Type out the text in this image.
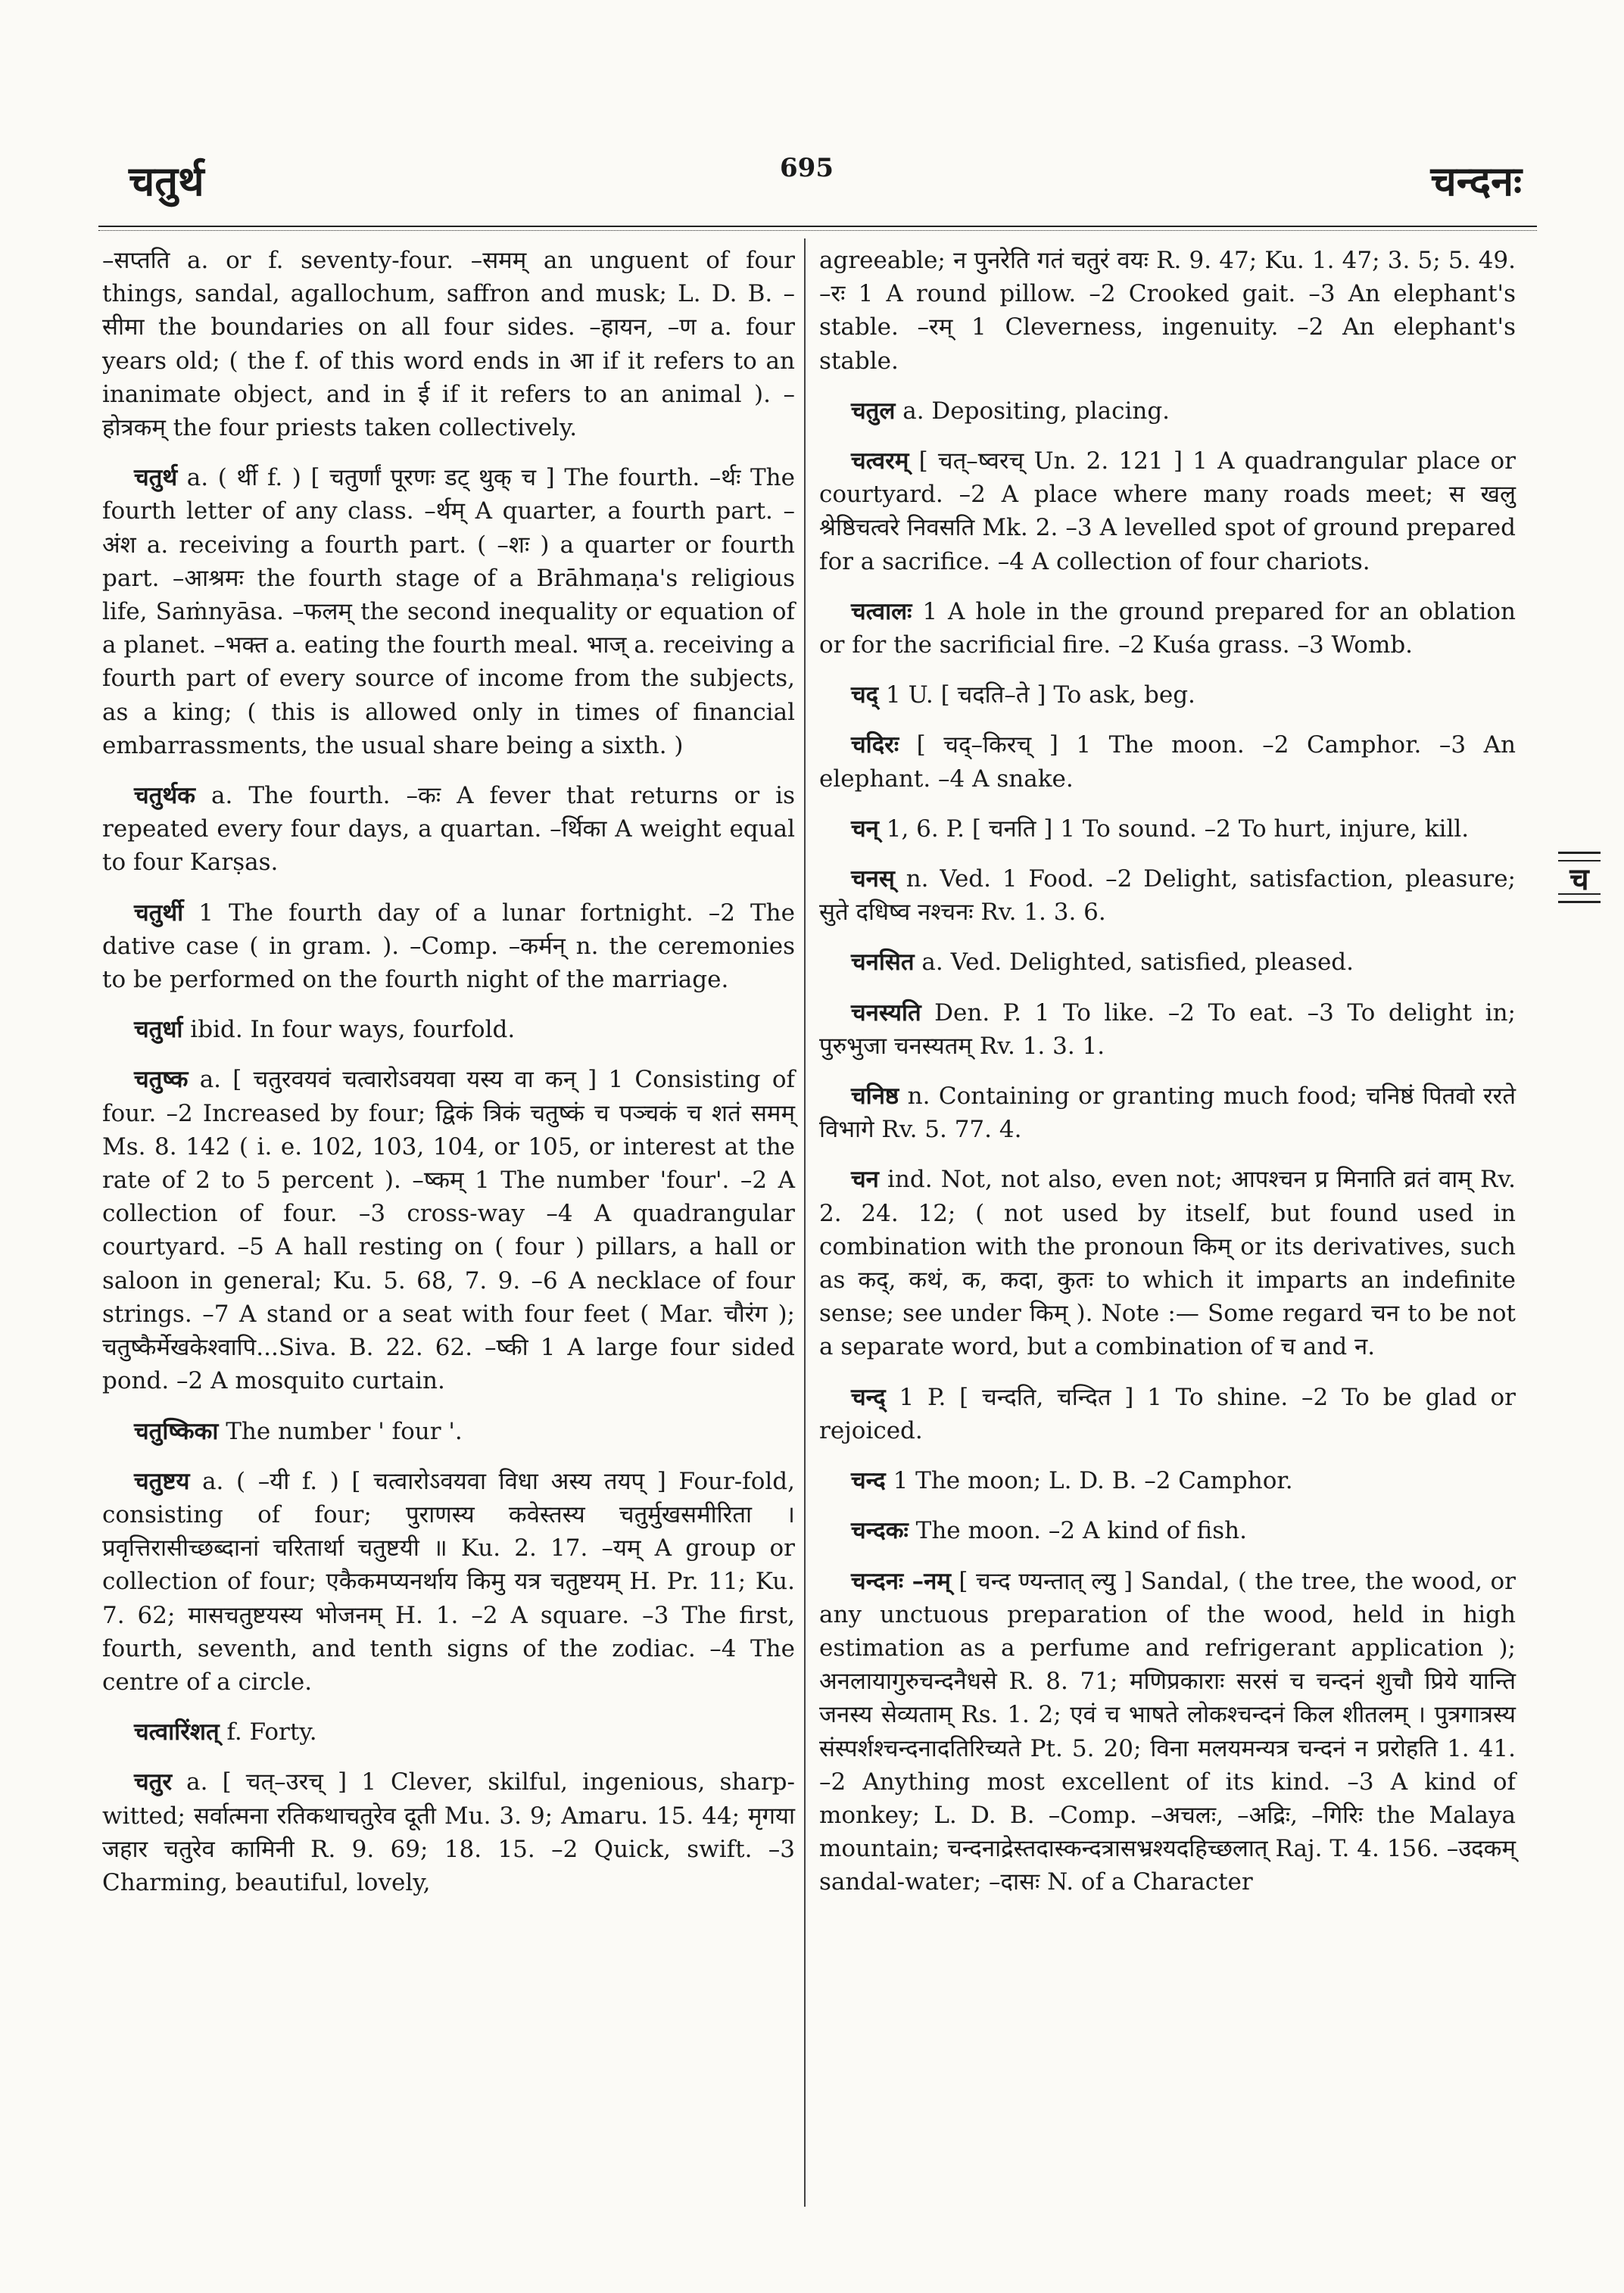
चतुर्थ	695	चन्दनः

–सप्तति a. or f. seventy-four. –समम् an unguent of four things, sandal, agallochum, saffron and musk; L. D. B. –सीमा the boundaries on all four sides. –हायन, –ण a. four years old; ( the f. of this word ends in आ if it refers to an inanimate object, and in ई if it refers to an animal ). –होत्रकम् the four priests taken collectively.

चतुर्थ a. ( र्थी f. ) [ चतुर्णां पूरणः डट् थुक् च ] The fourth. –र्थः The fourth letter of any class. –र्थम् A quarter, a fourth part. –अंश a. receiving a fourth part. ( –शः ) a quarter or fourth part. –आश्रमः the fourth stage of a Brāhmaṇa's religious life, Saṁnyāsa. –फलम् the second inequality or equation of a planet. –भक्त a. eating the fourth meal. भाज् a. receiving a fourth part of every source of income from the subjects, as a king; ( this is allowed only in times of financial embarrassments, the usual share being a sixth. )

चतुर्थक a. The fourth. –कः A fever that returns or is repeated every four days, a quartan. –र्थिका A weight equal to four Karṣas.

चतुर्थी 1 The fourth day of a lunar fortnight. –2 The dative case ( in gram. ). –Comp. –कर्मन् n. the ceremonies to be performed on the fourth night of the marriage.

चतुर्धा ibid. In four ways, fourfold.

चतुष्क a. [ चतुरवयवं चत्वारोऽवयवा यस्य वा कन् ] 1 Consisting of four. –2 Increased by four; द्विकं त्रिकं चतुष्कं च पञ्चकं च शतं समम् Ms. 8. 142 ( i. e. 102, 103, 104, or 105, or interest at the rate of 2 to 5 percent ). –ष्कम् 1 The number 'four'. –2 A collection of four. –3 cross-way –4 A quadrangular courtyard. –5 A hall resting on ( four ) pillars, a hall or saloon in general; Ku. 5. 68, 7. 9. –6 A necklace of four strings. –7 A stand or a seat with four feet ( Mar. चौरंग ); चतुष्कैर्मेखकेश्वापि...Siva. B. 22. 62. –ष्की 1 A large four sided pond. –2 A mosquito curtain.

चतुष्किका The number ' four '.

चतुष्टय a. ( –यी f. ) [ चत्वारोऽवयवा विधा अस्य तयप् ] Four-fold, consisting of four; पुराणस्य कवेस्तस्य चतुर्मुखसमीरिता । प्रवृत्तिरासीच्छब्दानां चरितार्था चतुष्टयी ॥ Ku. 2. 17. –यम् A group or collection of four; एकैकमप्यनर्थाय किमु यत्र चतुष्टयम् H. Pr. 11; Ku. 7. 62; मासचतुष्टयस्य भोजनम् H. 1. –2 A square. –3 The first, fourth, seventh, and tenth signs of the zodiac. –4 The centre of a circle.

चत्वारिंशत् f. Forty.

चतुर a. [ चत्–उरच् ] 1 Clever, skilful, ingenious, sharp-witted; सर्वात्मना रतिकथाचतुरेव दूती Mu. 3. 9; Amaru. 15. 44; मृगया जहार चतुरेव कामिनी R. 9. 69; 18. 15. –2 Quick, swift. –3 Charming, beautiful, lovely,

agreeable; न पुनरेति गतं चतुरं वयः R. 9. 47; Ku. 1. 47; 3. 5; 5. 49. –रः 1 A round pillow. –2 Crooked gait. –3 An elephant's stable. –रम् 1 Cleverness, ingenuity. –2 An elephant's stable.

चतुल a. Depositing, placing.

चत्वरम् [ चत्–ष्वरच् Un. 2. 121 ] 1 A quadrangular place or courtyard. –2 A place where many roads meet; स खलु श्रेष्ठिचत्वरे निवसति Mk. 2. –3 A levelled spot of ground prepared for a sacrifice. –4 A collection of four chariots.

चत्वालः 1 A hole in the ground prepared for an oblation or for the sacrificial fire. –2 Kuśa grass. –3 Womb.

चद् 1 U. [ चदति–ते ] To ask, beg.

चदिरः [ चद्–किरच् ] 1 The moon. –2 Camphor. –3 An elephant. –4 A snake.

चन् 1, 6. P. [ चनति ] 1 To sound. –2 To hurt, injure, kill.

चनस् n. Ved. 1 Food. –2 Delight, satisfaction, pleasure; सुते दधिष्व नश्चनः Rv. 1. 3. 6.

चनसित a. Ved. Delighted, satisfied, pleased.

चनस्यति Den. P. 1 To like. –2 To eat. –3 To delight in; पुरुभुजा चनस्यतम् Rv. 1. 3. 1.

चनिष्ठ n. Containing or granting much food; चनिष्ठं पितवो ररते विभागे Rv. 5. 77. 4.

चन ind. Not, not also, even not; आपश्चन प्र मिनाति व्रतं वाम् Rv. 2. 24. 12; ( not used by itself, but found used in combination with the pronoun किम् or its derivatives, such as कद्, कथं, क, कदा, कुतः to which it imparts an indefinite sense; see under किम् ). Note :— Some regard चन to be not a separate word, but a combination of च and न.

चन्द् 1 P. [ चन्दति, चन्दित ] 1 To shine. –2 To be glad or rejoiced.

चन्द 1 The moon; L. D. B. –2 Camphor.

चन्दकः The moon. –2 A kind of fish.

चन्दनः –नम् [ चन्द ण्यन्तात् ल्यु ] Sandal, ( the tree, the wood, or any unctuous preparation of the wood, held in high estimation as a perfume and refrigerant application ); अनलायागुरुचन्दनैधसे R. 8. 71; मणिप्रकाराः सरसं च चन्दनं शुचौ प्रिये यान्ति जनस्य सेव्यताम् Rs. 1. 2; एवं च भाषते लोकश्चन्दनं किल शीतलम् । पुत्रगात्रस्य संस्पर्शश्चन्दनादतिरिच्यते Pt. 5. 20; विना मलयमन्यत्र चन्दनं न प्ररोहति 1. 41. –2 Anything most excellent of its kind. –3 A kind of monkey; L. D. B. –Comp. –अचलः, –अद्रिः, –गिरिः the Malaya mountain; चन्दनाद्रेस्तदास्कन्दत्रासभ्रश्यदहिच्छलात् Raj. T. 4. 156. –उदकम् sandal-water; –दासः N. of a Character

च
